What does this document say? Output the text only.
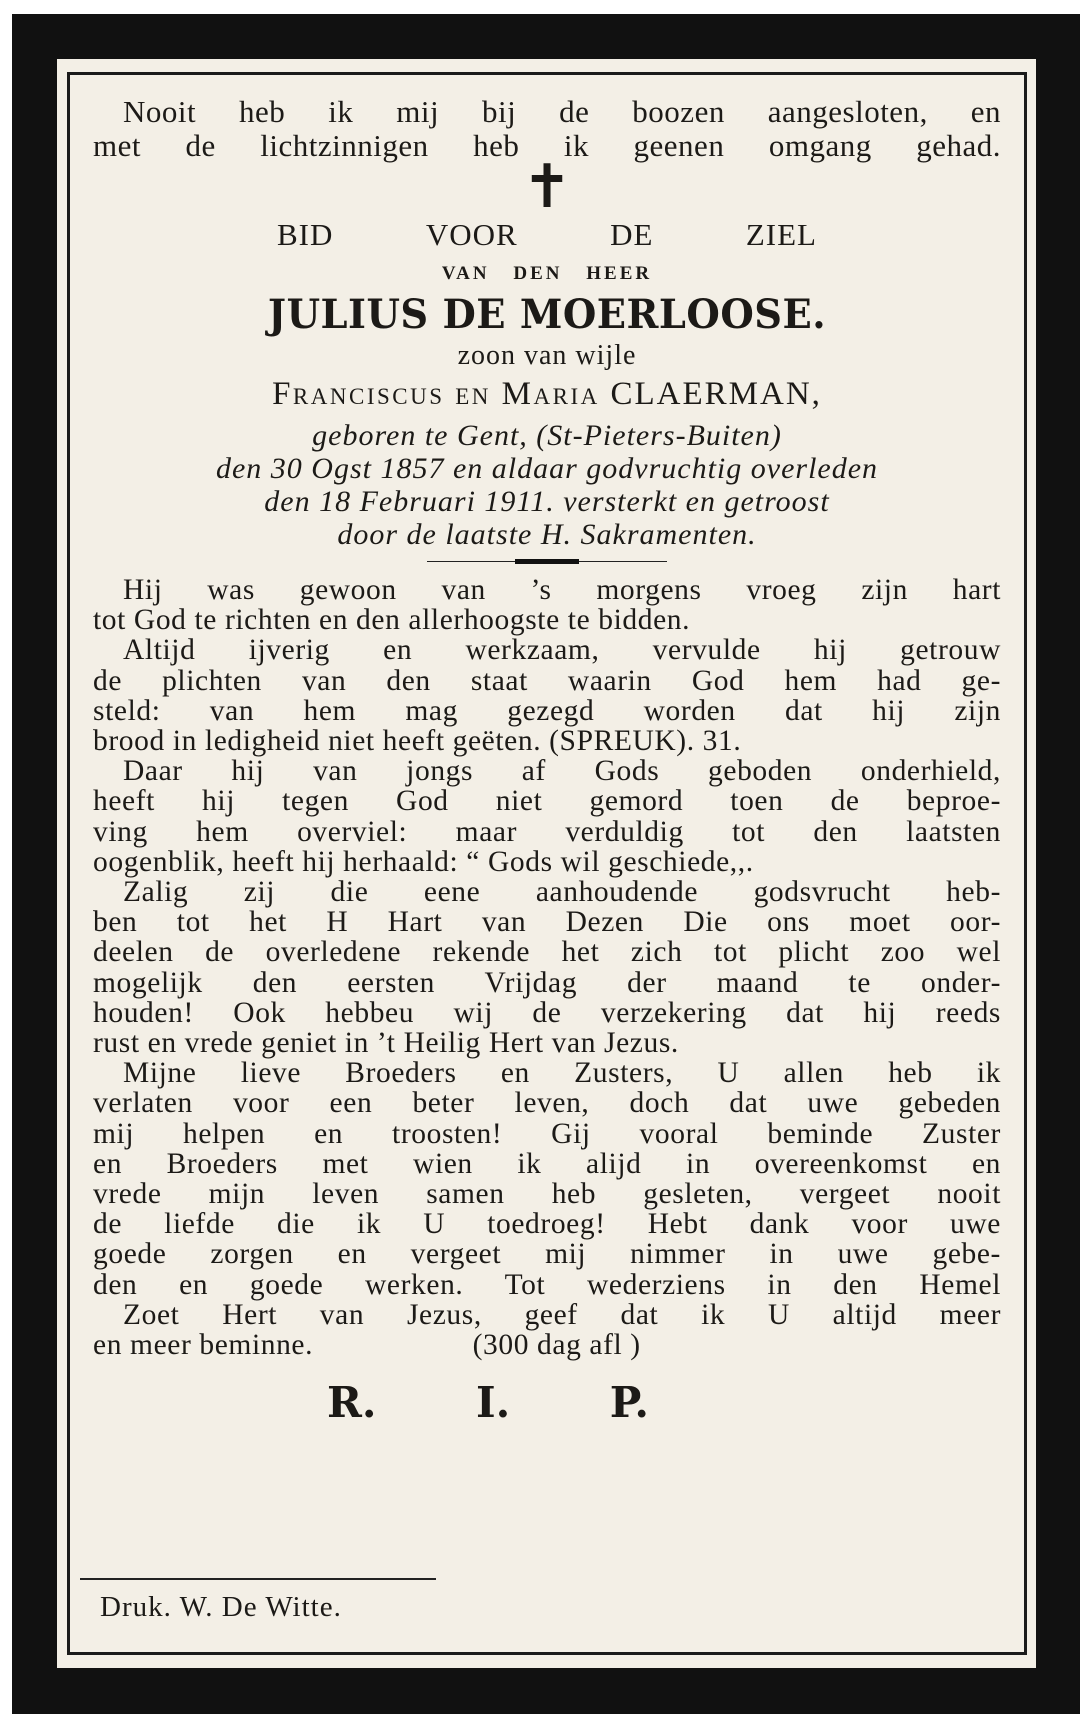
Nooit heb ik mij bij de boozen aangesloten, en
met de lichtzinnigen heb ik geenen omgang gehad.
✝
BID	VOOR	DE	ZIEL
VAN DEN HEER
JULIUS DE MOERLOOSE.
zoon van wijle
Franciscus en Maria CLAERMAN,
geboren te Gent, (St-Pieters-Buiten)
den 30 Ogst 1857 en aldaar godvruchtig overleden
den 18 Februari 1911. versterkt en getroost
door de laatste H. Sakramenten.
Hij was gewoon van ’s morgens vroeg zijn hart
tot God te richten en den allerhoogste te bidden.
Altijd ijverig en werkzaam, vervulde hij getrouw
de plichten van den staat waarin God hem had ge-
steld: van hem mag gezegd worden dat hij zijn
brood in ledigheid niet heeft geëten. (SPREUK). 31.
Daar hij van jongs af Gods geboden onderhield,
heeft hij tegen God niet gemord toen de beproe-
ving hem overviel: maar verduldig tot den laatsten
oogenblik, heeft hij herhaald: “ Gods wil geschiede,,.
Zalig zij die eene aanhoudende godsvrucht heb-
ben tot het H Hart van Dezen Die ons moet oor-
deelen de overledene rekende het zich tot plicht zoo wel
mogelijk den eersten Vrijdag der maand te onder-
houden! Ook hebbeu wij de verzekering dat hij reeds
rust en vrede geniet in ’t Heilig Hert van Jezus.
Mijne lieve Broeders en Zusters, U allen heb ik
verlaten voor een beter leven, doch dat uwe gebeden
mij helpen en troosten! Gij vooral beminde Zuster
en Broeders met wien ik alijd in overeenkomst en
vrede mijn leven samen heb gesleten, vergeet nooit
de liefde die ik U toedroeg! Hebt dank voor uwe
goede zorgen en vergeet mij nimmer in uwe gebe-
den en goede werken. Tot wederziens in den Hemel
Zoet Hert van Jezus, geef dat ik U altijd meer
en meer beminne.                    (300 dag afl )
R. I. P.
Druk. W. De Witte.
